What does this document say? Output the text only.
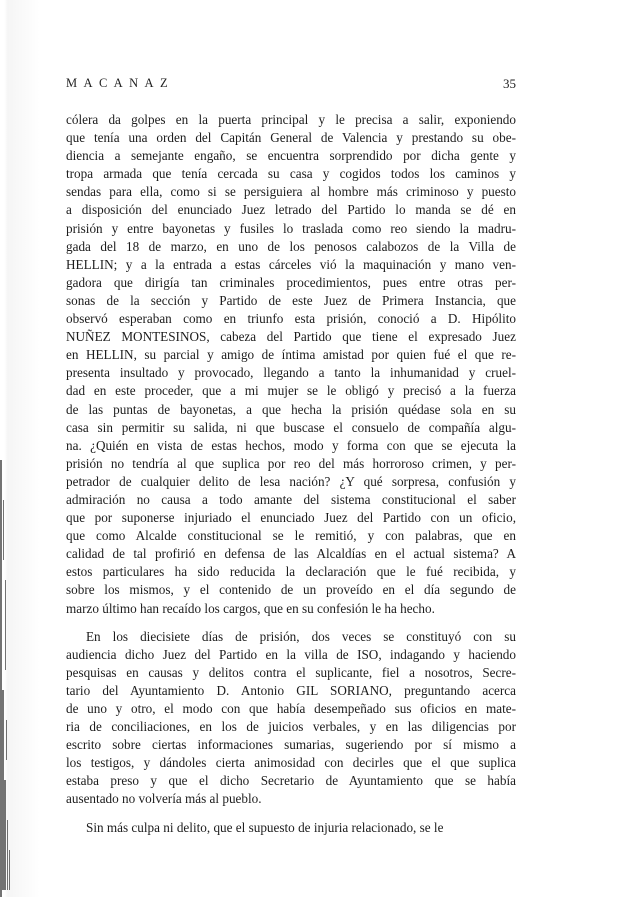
MACANAZ	35
cólera da golpes en la puerta principal y le precisa a salir, exponiendo
que tenía una orden del Capitán General de Valencia y prestando su obe-
diencia a semejante engaño, se encuentra sorprendido por dicha gente y
tropa armada que tenía cercada su casa y cogidos todos los caminos y
sendas para ella, como si se persiguiera al hombre más criminoso y puesto
a disposición del enunciado Juez letrado del Partido lo manda se dé en
prisión y entre bayonetas y fusiles lo traslada como reo siendo la madru-
gada del 18 de marzo, en uno de los penosos calabozos de la Villa de
HELLIN; y a la entrada a estas cárceles vió la maquinación y mano ven-
gadora que dirigía tan criminales procedimientos, pues entre otras per-
sonas de la sección y Partido de este Juez de Primera Instancia, que
observó esperaban como en triunfo esta prisión, conoció a D. Hipólito
NUÑEZ MONTESINOS, cabeza del Partido que tiene el expresado Juez
en HELLIN, su parcial y amigo de íntima amistad por quien fué el que re-
presenta insultado y provocado, llegando a tanto la inhumanidad y cruel-
dad en este proceder, que a mi mujer se le obligó y precisó a la fuerza
de las puntas de bayonetas, a que hecha la prisión quédase sola en su
casa sin permitir su salida, ni que buscase el consuelo de compañía algu-
na. ¿Quién en vista de estas hechos, modo y forma con que se ejecuta la
prisión no tendría al que suplica por reo del más horroroso crimen, y per-
petrador de cualquier delito de lesa nación? ¿Y qué sorpresa, confusión y
admiración no causa a todo amante del sistema constitucional el saber
que por suponerse injuriado el enunciado Juez del Partido con un oficio,
que como Alcalde constitucional se le remitió, y con palabras, que en
calidad de tal profirió en defensa de las Alcaldías en el actual sistema? A
estos particulares ha sido reducida la declaración que le fué recibida, y
sobre los mismos, y el contenido de un proveído en el día segundo de
marzo último han recaído los cargos, que en su confesión le ha hecho.
En los diecisiete días de prisión, dos veces se constituyó con su
audiencia dicho Juez del Partido en la villa de ISO, indagando y haciendo
pesquisas en causas y delitos contra el suplicante, fiel a nosotros, Secre-
tario del Ayuntamiento D. Antonio GIL SORIANO, preguntando acerca
de uno y otro, el modo con que había desempeñado sus oficios en mate-
ria de conciliaciones, en los de juicios verbales, y en las diligencias por
escrito sobre ciertas informaciones sumarias, sugeriendo por sí mismo a
los testigos, y dándoles cierta animosidad con decirles que el que suplica
estaba preso y que el dicho Secretario de Ayuntamiento que se había
ausentado no volvería más al pueblo.
Sin más culpa ni delito, que el supuesto de injuria relacionado, se le
